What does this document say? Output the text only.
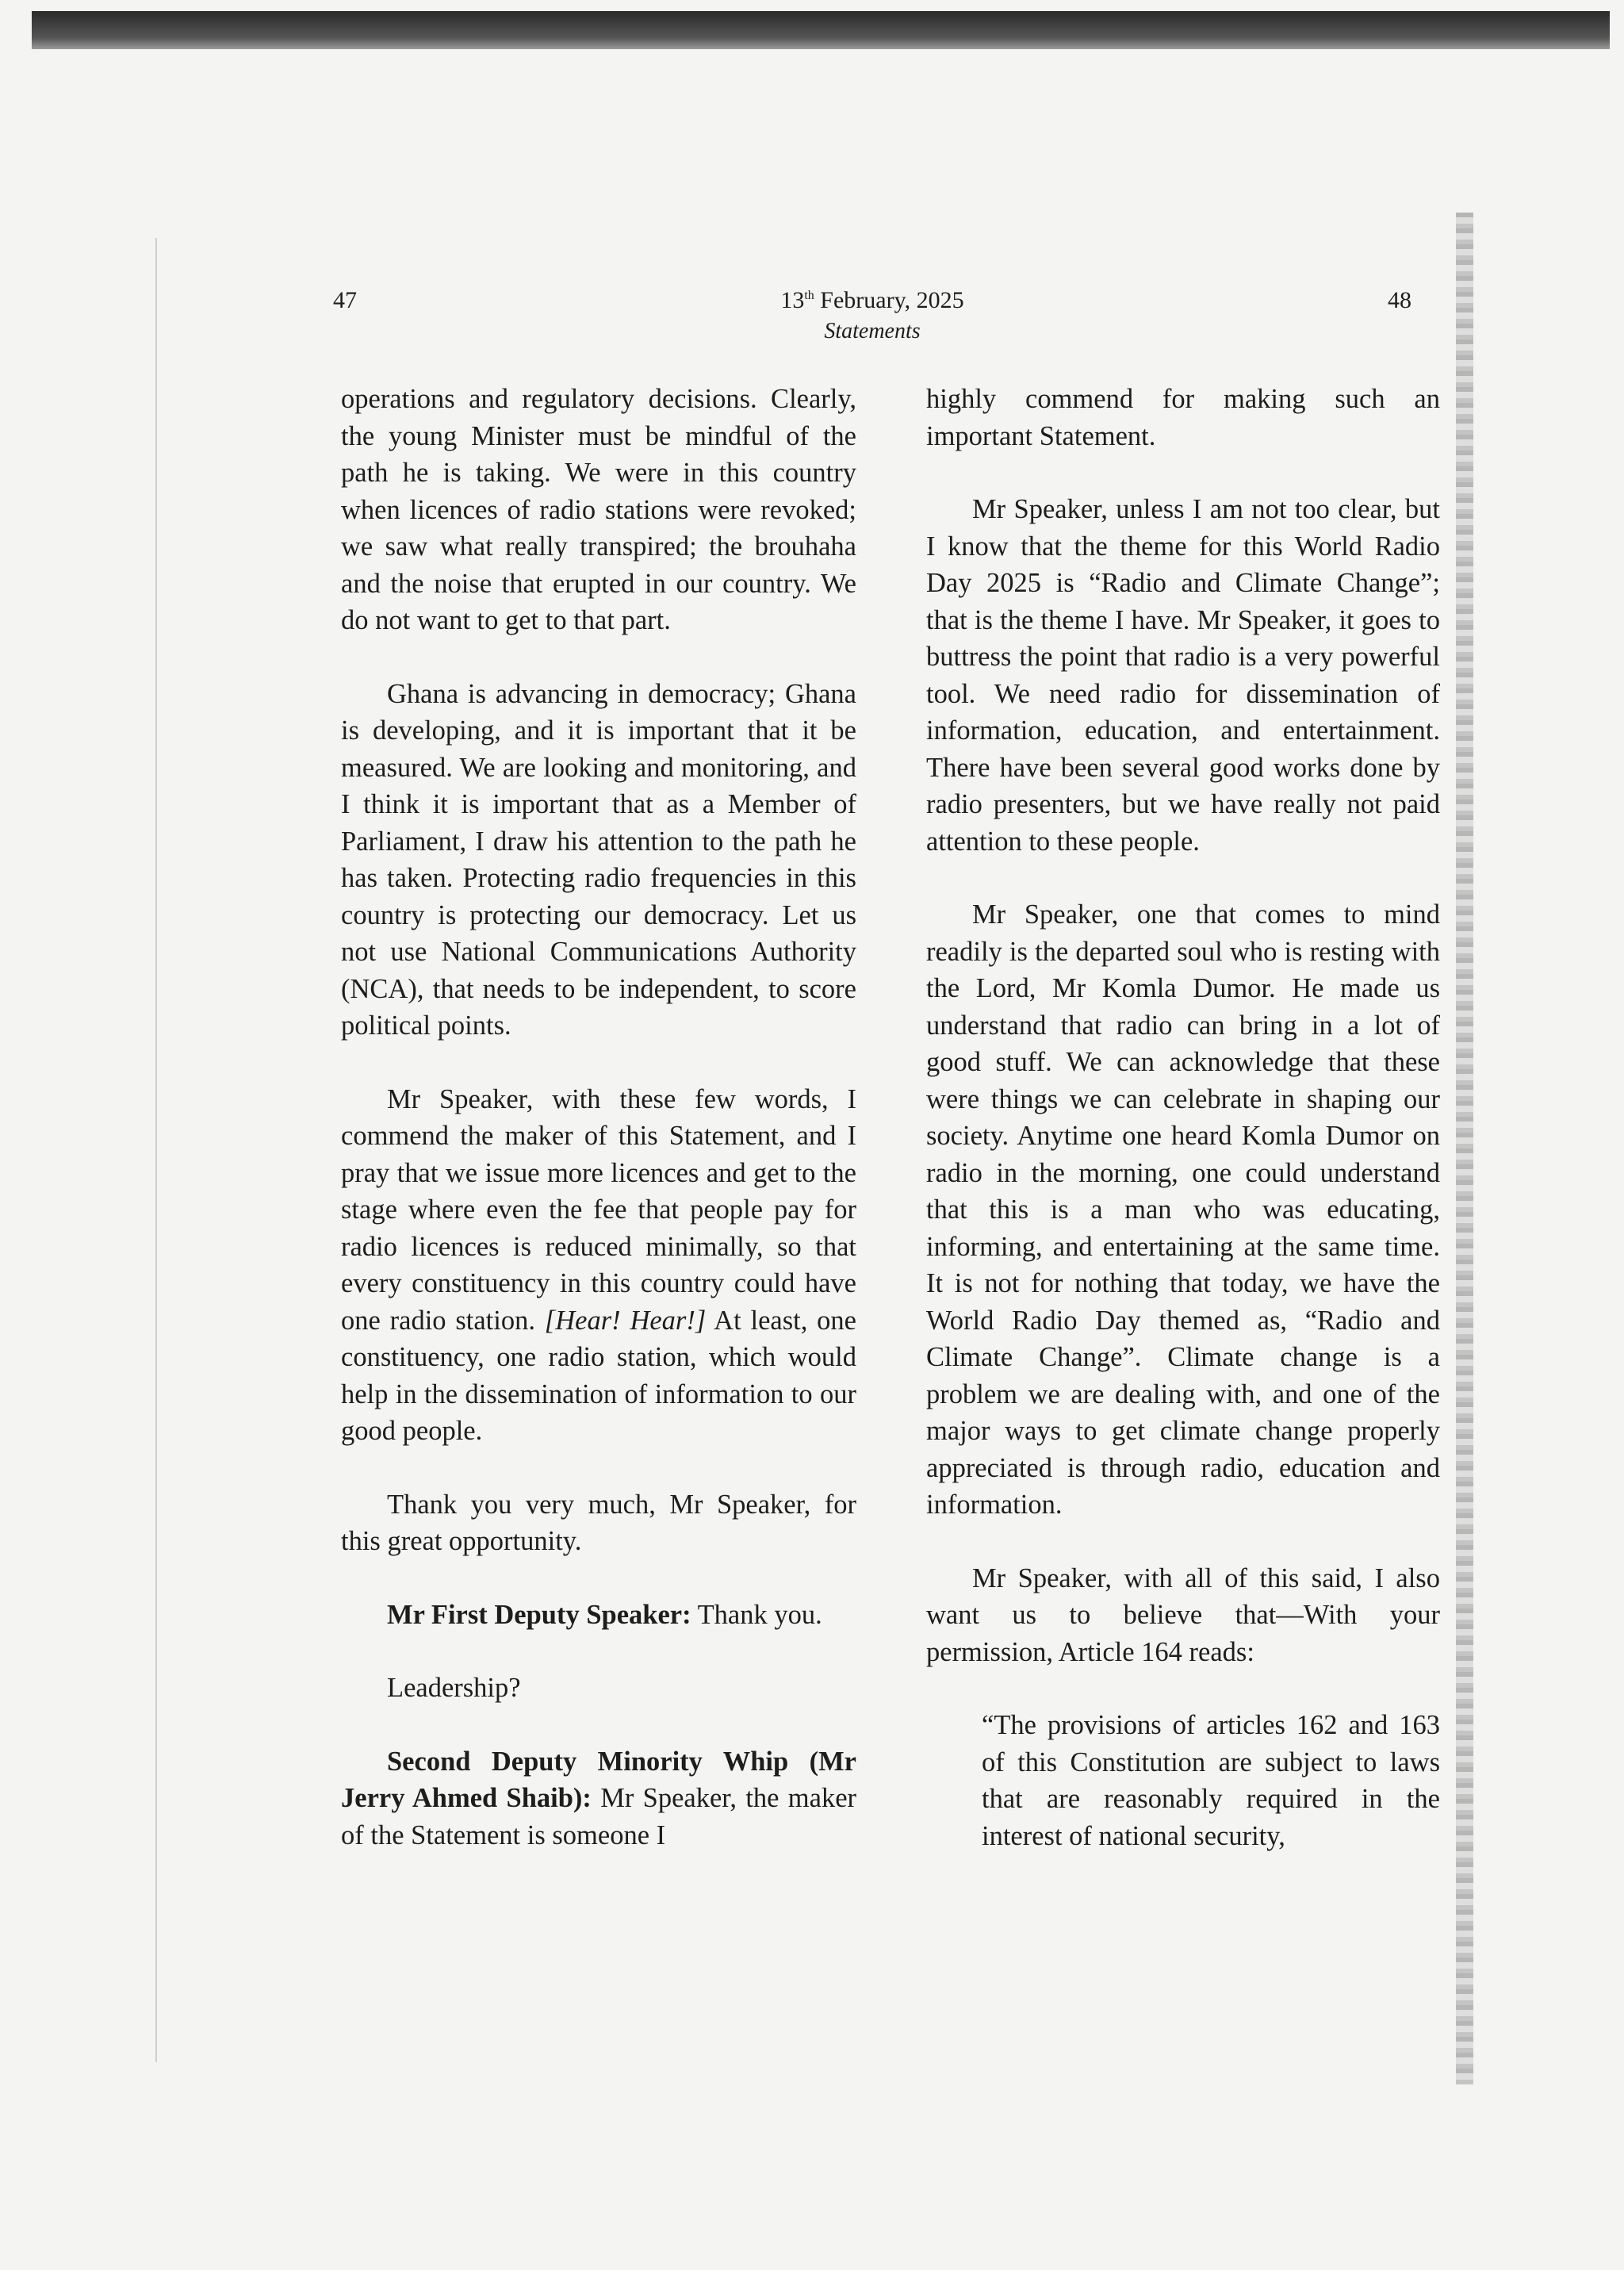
47	13th February, 2025
Statements
48

operations and regulatory decisions. Clearly, the young Minister must be mindful of the path he is taking. We were in this country when licences of radio stations were revoked; we saw what really transpired; the brouhaha and the noise that erupted in our country. We do not want to get to that part.

Ghana is advancing in democracy; Ghana is developing, and it is important that it be measured. We are looking and monitoring, and I think it is important that as a Member of Parliament, I draw his attention to the path he has taken. Protecting radio frequencies in this country is protecting our democracy. Let us not use National Communications Authority (NCA), that needs to be independent, to score political points.

Mr Speaker, with these few words, I commend the maker of this Statement, and I pray that we issue more licences and get to the stage where even the fee that people pay for radio licences is reduced minimally, so that every constituency in this country could have one radio station. [Hear! Hear!] At least, one constituency, one radio station, which would help in the dissemination of information to our good people.

Thank you very much, Mr Speaker, for this great opportunity.

Mr First Deputy Speaker: Thank you.

Leadership?

Second Deputy Minority Whip (Mr Jerry Ahmed Shaib): Mr Speaker, the maker of the Statement is someone I

highly commend for making such an important Statement.

Mr Speaker, unless I am not too clear, but I know that the theme for this World Radio Day 2025 is “Radio and Climate Change”; that is the theme I have. Mr Speaker, it goes to buttress the point that radio is a very powerful tool. We need radio for dissemination of information, education, and entertainment. There have been several good works done by radio presenters, but we have really not paid attention to these people.

Mr Speaker, one that comes to mind readily is the departed soul who is resting with the Lord, Mr Komla Dumor. He made us understand that radio can bring in a lot of good stuff. We can acknowledge that these were things we can celebrate in shaping our society. Anytime one heard Komla Dumor on radio in the morning, one could understand that this is a man who was educating, informing, and entertaining at the same time. It is not for nothing that today, we have the World Radio Day themed as, “Radio and Climate Change”. Climate change is a problem we are dealing with, and one of the major ways to get climate change properly appreciated is through radio, education and information.

Mr Speaker, with all of this said, I also want us to believe that—With your permission, Article 164 reads:

“The provisions of articles 162 and 163 of this Constitution are subject to laws that are reasonably required in the interest of national security,
